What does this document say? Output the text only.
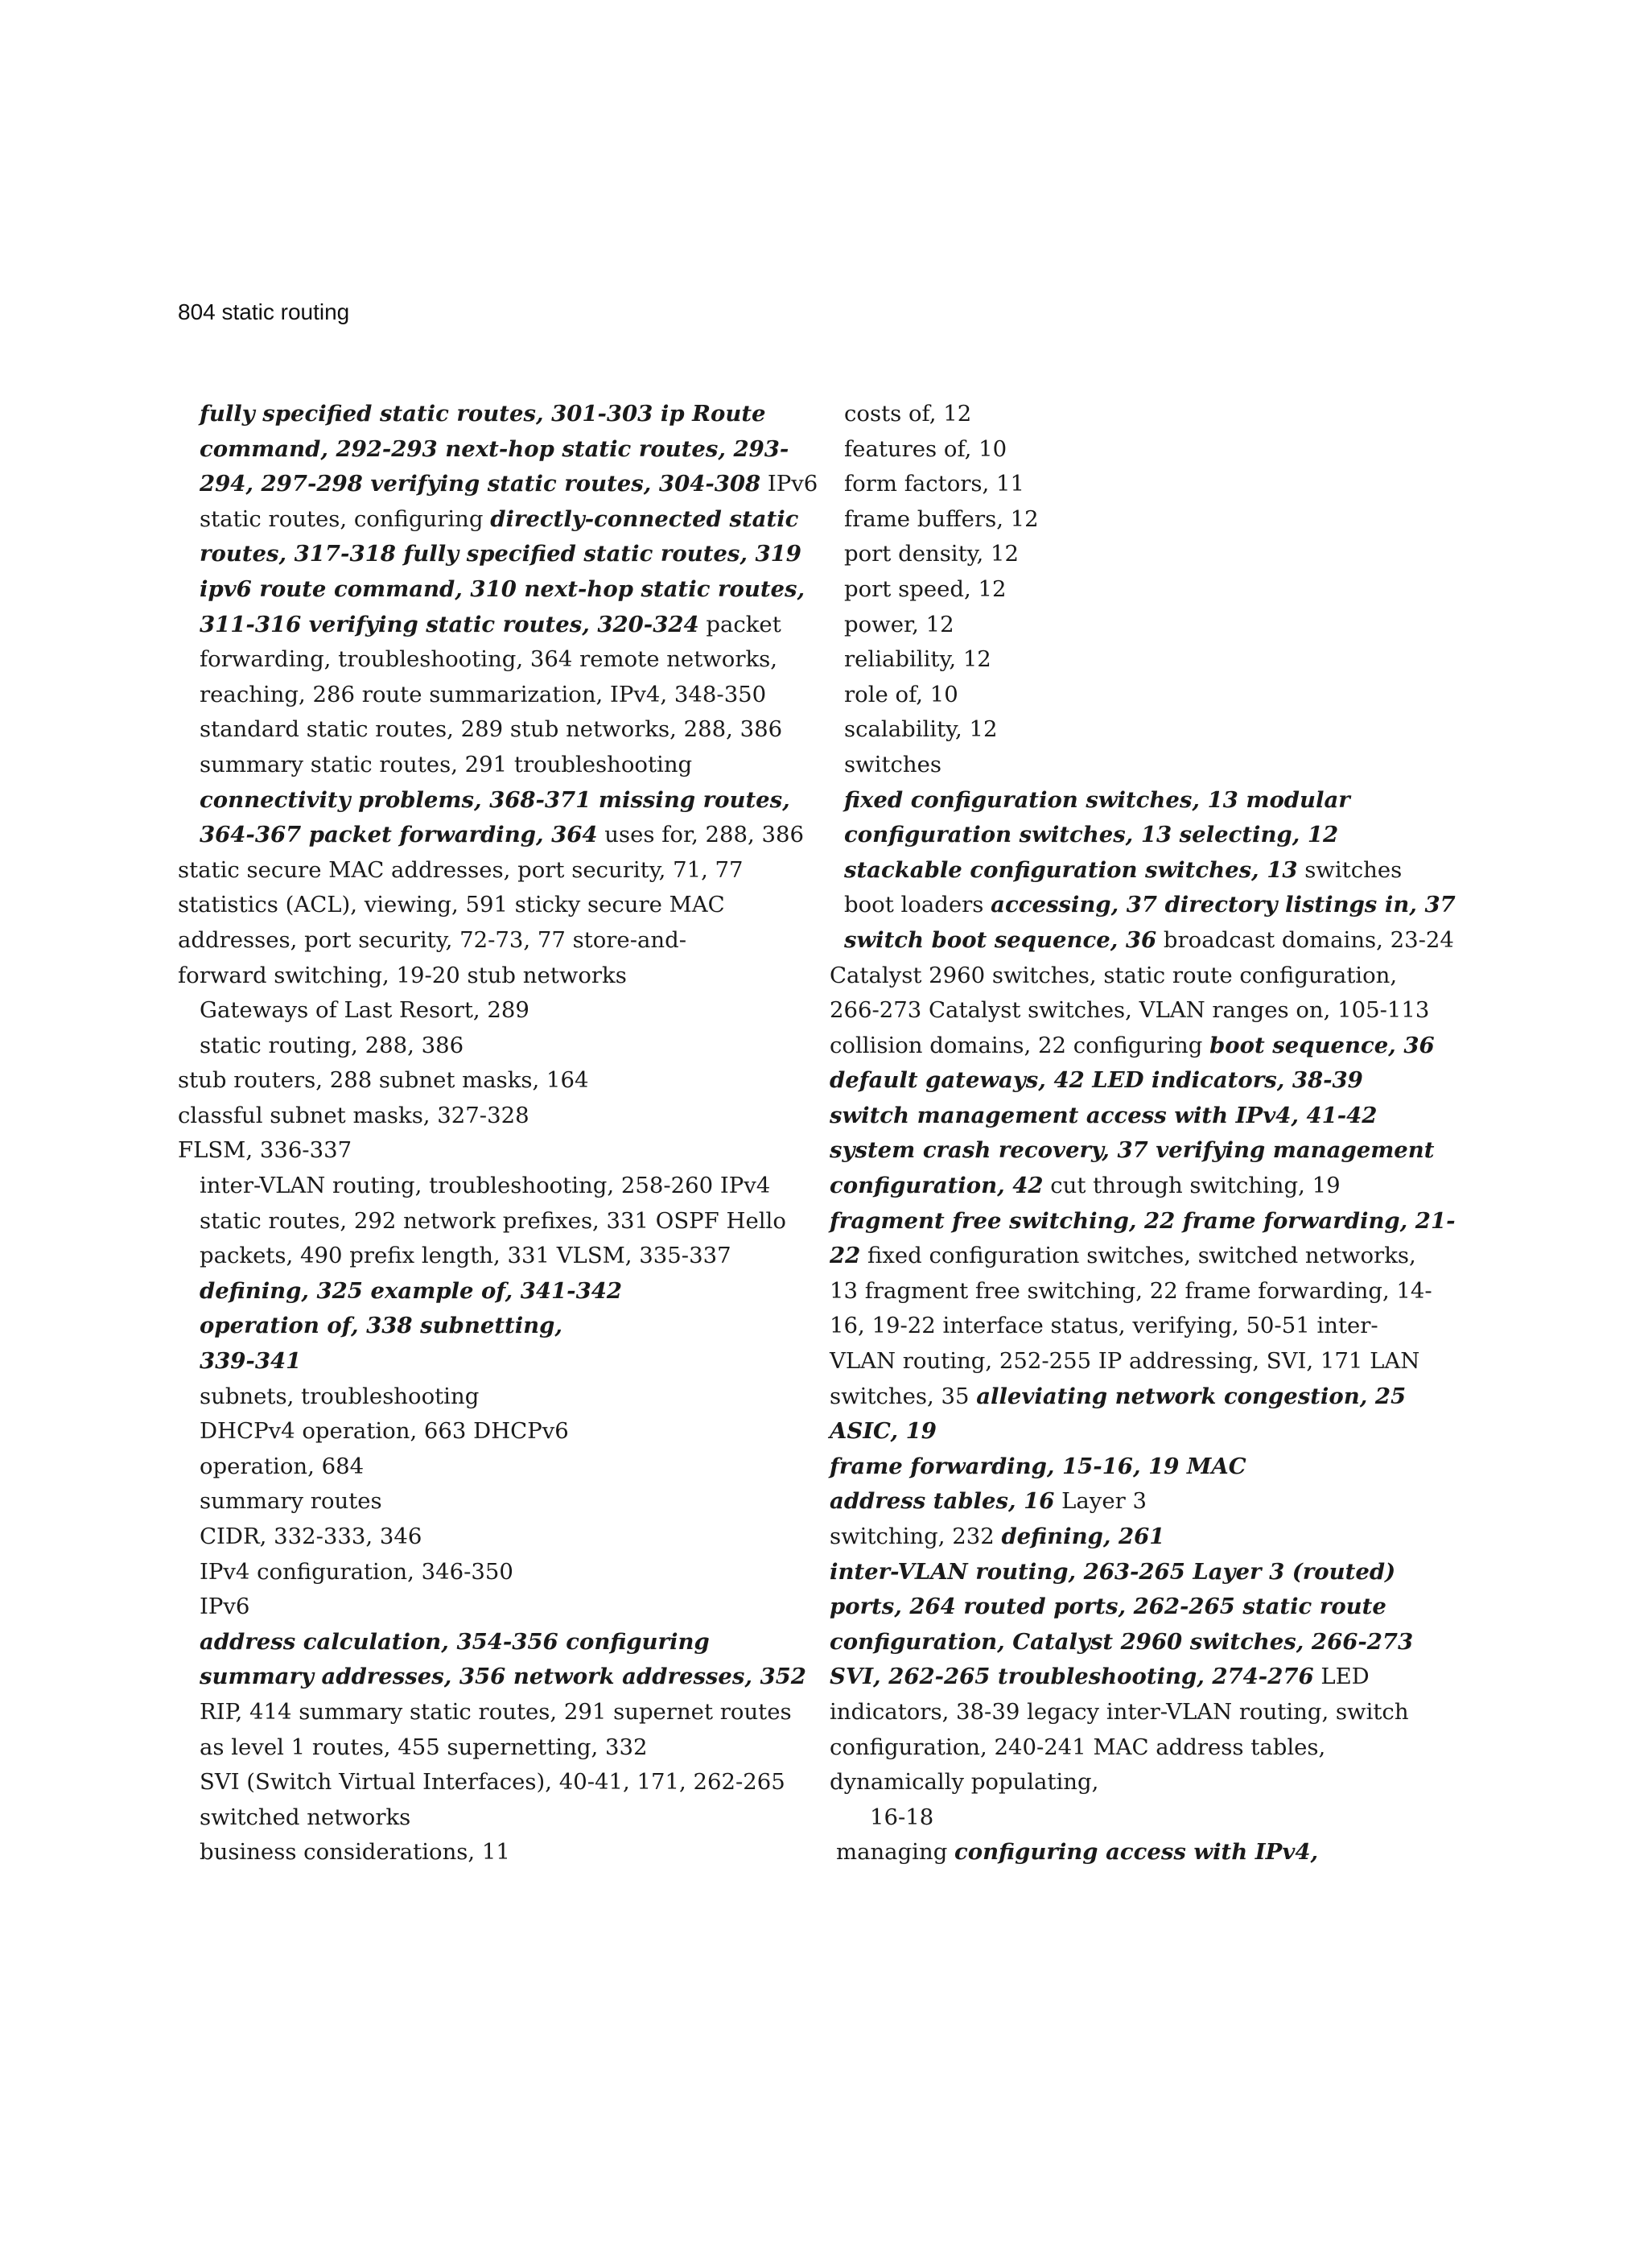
804 static routing
fully specified static routes, 301-303 ip Route
command, 292-293 next-hop static routes, 293-
294, 297-298 verifying static routes, 304-308 IPv6
static routes, configuring directly-connected static
routes, 317-318 fully specified static routes, 319
ipv6 route command, 310 next-hop static routes,
311-316 verifying static routes, 320-324 packet
forwarding, troubleshooting, 364 remote networks,
reaching, 286 route summarization, IPv4, 348-350
standard static routes, 289 stub networks, 288, 386
summary static routes, 291 troubleshooting
connectivity problems, 368-371 missing routes,
364-367 packet forwarding, 364 uses for, 288, 386
static secure MAC addresses, port security, 71, 77
statistics (ACL), viewing, 591 sticky secure MAC
addresses, port security, 72-73, 77 store-and-
forward switching, 19-20 stub networks
Gateways of Last Resort, 289
static routing, 288, 386
stub routers, 288 subnet masks, 164
classful subnet masks, 327-328
FLSM, 336-337
inter-VLAN routing, troubleshooting, 258-260 IPv4
static routes, 292 network prefixes, 331 OSPF Hello
packets, 490 prefix length, 331 VLSM, 335-337
defining, 325 example of, 341-342
operation of, 338 subnetting,
339-341
subnets, troubleshooting
DHCPv4 operation, 663 DHCPv6
operation, 684
summary routes
CIDR, 332-333, 346
IPv4 configuration, 346-350
IPv6
address calculation, 354-356 configuring
summary addresses, 356 network addresses, 352
RIP, 414 summary static routes, 291 supernet routes
as level 1 routes, 455 supernetting, 332
SVI (Switch Virtual Interfaces), 40-41, 171, 262-265
switched networks
business considerations, 11
costs of, 12
features of, 10
form factors, 11
frame buffers, 12
port density, 12
port speed, 12
power, 12
reliability, 12
role of, 10
scalability, 12
switches
fixed configuration switches, 13 modular
configuration switches, 13 selecting, 12
stackable configuration switches, 13 switches
boot loaders accessing, 37 directory listings in, 37
switch boot sequence, 36 broadcast domains, 23-24
Catalyst 2960 switches, static route configuration,
266-273 Catalyst switches, VLAN ranges on, 105-113
collision domains, 22 configuring boot sequence, 36
default gateways, 42 LED indicators, 38-39
switch management access with IPv4, 41-42
system crash recovery, 37 verifying management
configuration, 42 cut through switching, 19
fragment free switching, 22 frame forwarding, 21-
22 fixed configuration switches, switched networks,
13 fragment free switching, 22 frame forwarding, 14-
16, 19-22 interface status, verifying, 50-51 inter-
VLAN routing, 252-255 IP addressing, SVI, 171 LAN
switches, 35 alleviating network congestion, 25
ASIC, 19
frame forwarding, 15-16, 19 MAC
address tables, 16 Layer 3
switching, 232 defining, 261
inter-VLAN routing, 263-265 Layer 3 (routed)
ports, 264 routed ports, 262-265 static route
configuration, Catalyst 2960 switches, 266-273
SVI, 262-265 troubleshooting, 274-276 LED
indicators, 38-39 legacy inter-VLAN routing, switch
configuration, 240-241 MAC address tables,
dynamically populating,
16-18
managing configuring access with IPv4,
